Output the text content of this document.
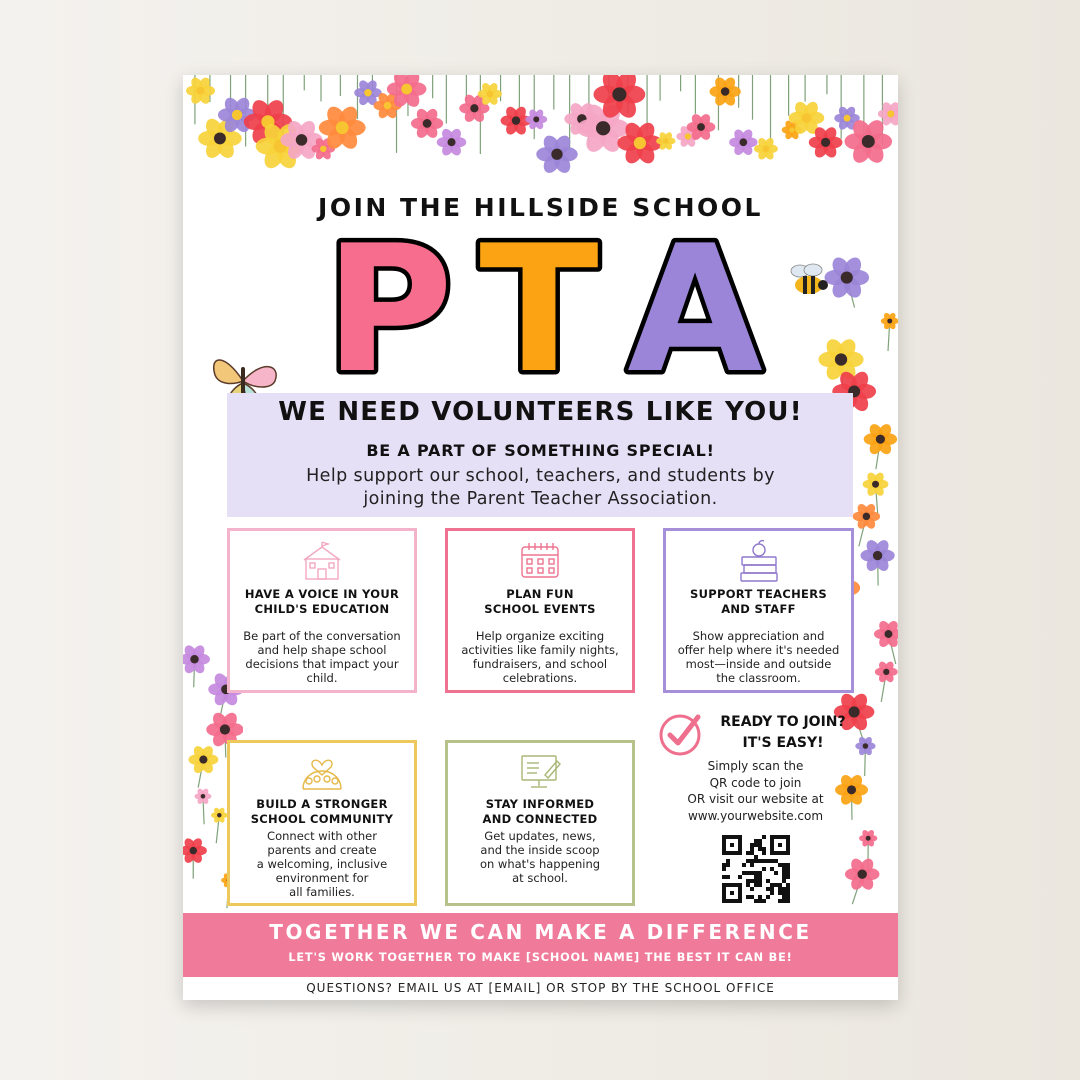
JOIN THE HILLSIDE SCHOOL
P T A
WE NEED VOLUNTEERS LIKE YOU!
BE A PART OF SOMETHING SPECIAL!
Help support our school, teachers, and students by
joining the Parent Teacher Association.
HAVE A VOICE IN YOUR
CHILD'S EDUCATION
Be part of the conversation
and help shape school
decisions that impact your
child.
PLAN FUN
SCHOOL EVENTS
Help organize exciting
activities like family nights,
fundraisers, and school
celebrations.
SUPPORT TEACHERS
AND STAFF
Show appreciation and
offer help where it's needed
most—inside and outside
the classroom.
BUILD A STRONGER
SCHOOL COMMUNITY
Connect with other
parents and create
a welcoming, inclusive
environment for
all families.
STAY INFORMED
AND CONNECTED
Get updates, news,
and the inside scoop
on what's happening
at school.
READY TO JOIN?
IT'S EASY!
Simply scan the
QR code to join
OR visit our website at
www.yourwebsite.com
TOGETHER WE CAN MAKE A DIFFERENCE
LET'S WORK TOGETHER TO MAKE [SCHOOL NAME] THE BEST IT CAN BE!
QUESTIONS? EMAIL US AT [EMAIL] OR STOP BY THE SCHOOL OFFICE
